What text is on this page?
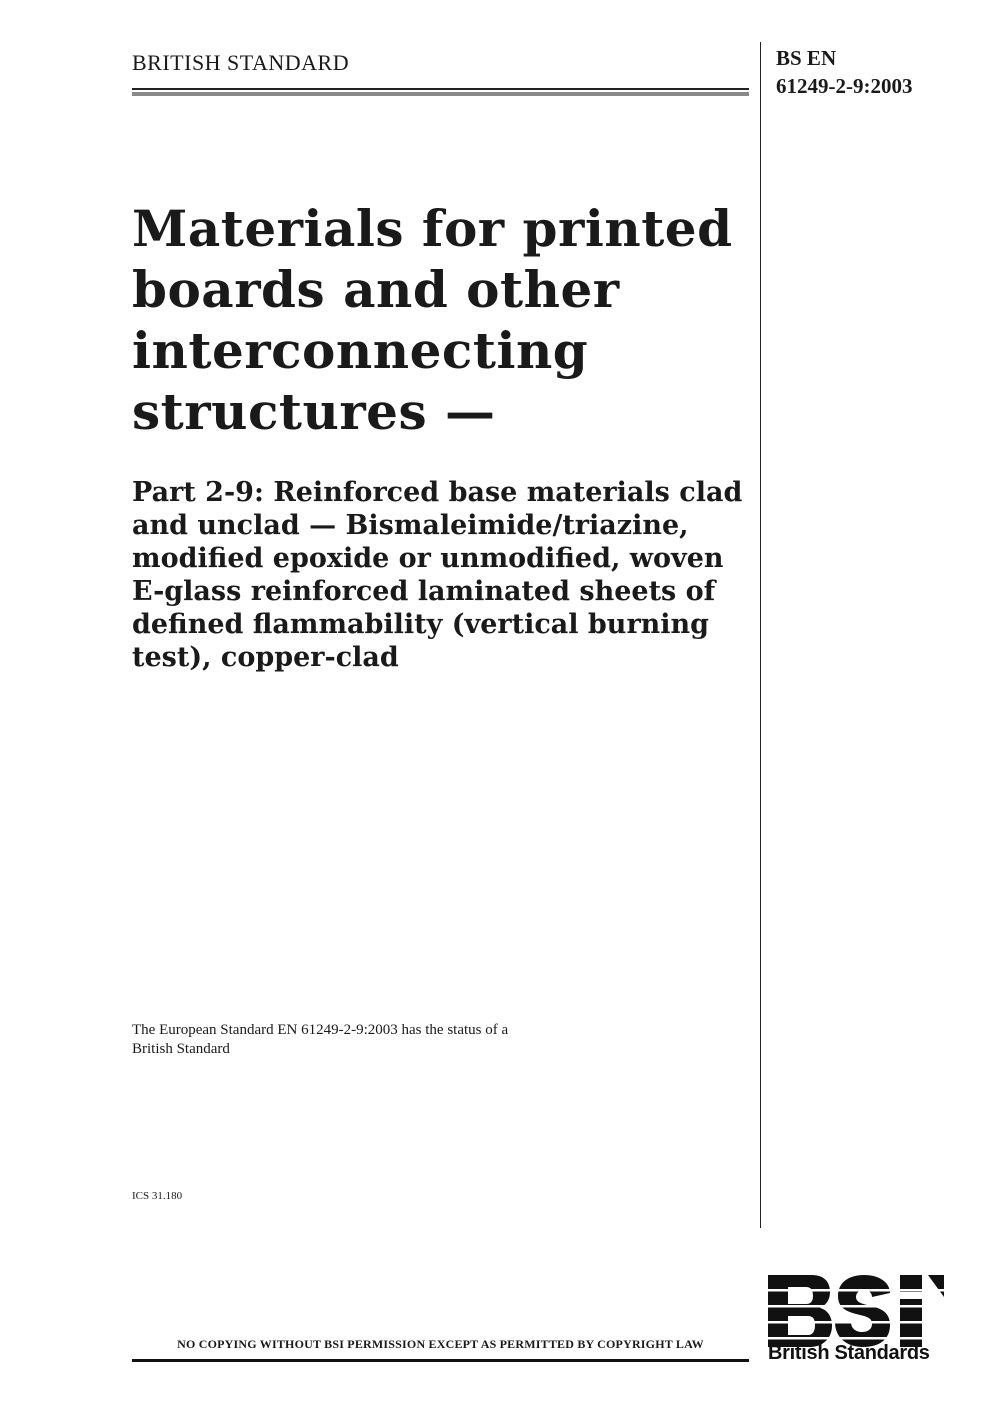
BRITISH STANDARD	BS EN
61249-2-9:2003
Materials for printed
boards and other
interconnecting
structures —
Part 2-9: Reinforced base materials clad
and unclad — Bismaleimide/triazine,
modified epoxide or unmodified, woven
E-glass reinforced laminated sheets of
defined flammability (vertical burning
test), copper-clad
The European Standard EN 61249-2-9:2003 has the status of a
British Standard
ICS 31.180
NO COPYING WITHOUT BSI PERMISSION EXCEPT AS PERMITTED BY COPYRIGHT LAW	British Standards
